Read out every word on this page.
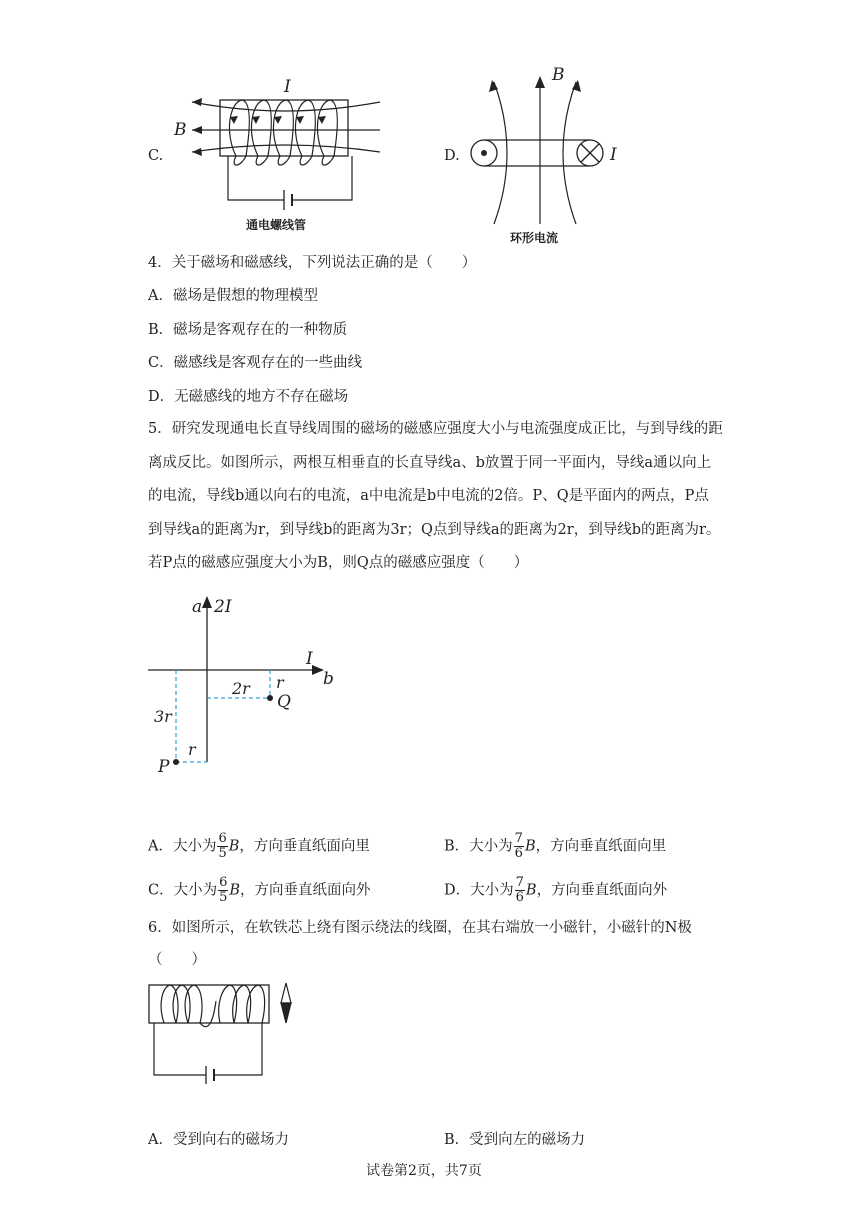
C.
I
B
通电螺线管
D.
B
I
环形电流
4．关于磁场和磁感线，下列说法正确的是（　　）
A．磁场是假想的物理模型
B．磁场是客观存在的一种物质
C．磁感线是客观存在的一些曲线
D．无磁感线的地方不存在磁场
5．研究发现通电长直导线周围的磁场的磁感应强度大小与电流强度成正比，与到导线的距离成反比。如图所示，两根互相垂直的长直导线a、b放置于同一平面内，导线a通以向上的电流，导线b通以向右的电流，a中电流是b中电流的2倍。P、Q是平面内的两点，P点到导线a的距离为r，到导线b的距离为3r；Q点到导线a的距离为2r，到导线b的距离为r。若P点的磁感应强度大小为B，则Q点的磁感应强度（　　）
a 2I
I
b
2r r
Q
3r
r
P
A．大小为 $\frac{6}{5}$ B，方向垂直纸面向里	B．大小为 $\frac{7}{6}$ B，方向垂直纸面向里
C．大小为 $\frac{6}{5}$ B，方向垂直纸面向外	D．大小为 $\frac{7}{6}$ B，方向垂直纸面向外
6．如图所示，在软铁芯上绕有图示绕法的线圈，在其右端放一小磁针，小磁针的N极
（　　）
A．受到向右的磁场力	B．受到向左的磁场力
试卷第2页，共7页
